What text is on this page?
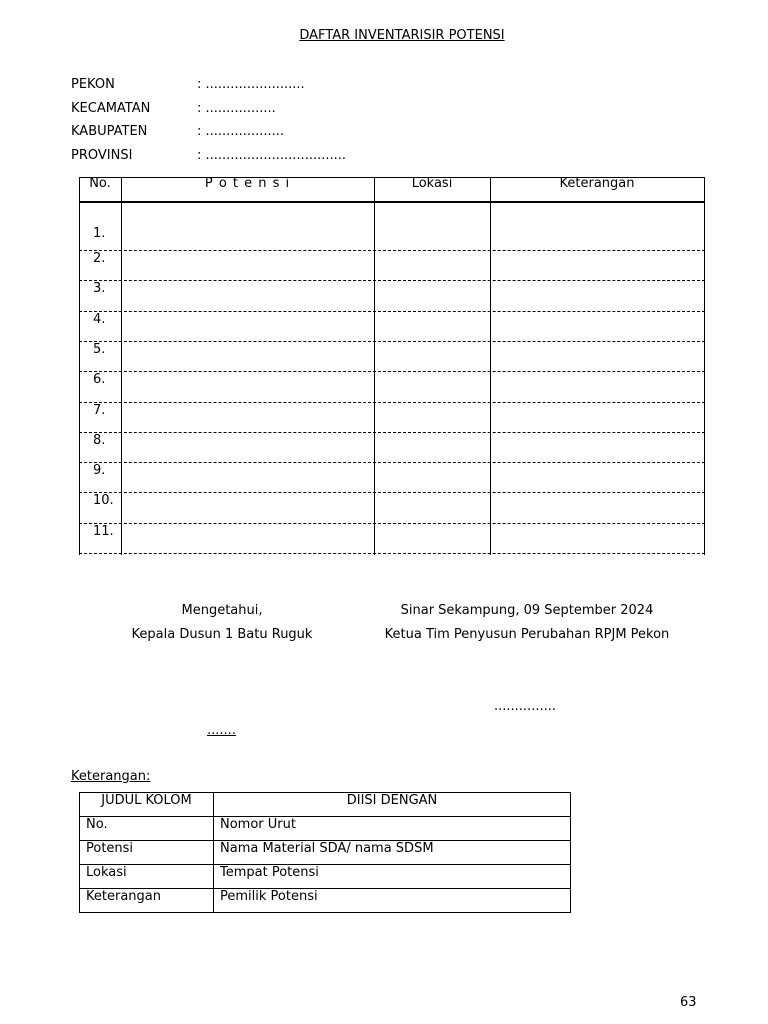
DAFTAR INVENTARISIR POTENSI
PEKON	: ........................
KECAMATAN	: .................
KABUPATEN	: ...................
PROVINSI	: ..................................
No.	P o t e n s i	Lokasi	Keterangan
1.
2.
3.
4.
5.
6.
7.
8.
9.
10.
11.
Mengetahui,
Kepala Dusun 1 Batu Ruguk
.......
Sinar Sekampung, 09 September 2024
Ketua Tim Penyusun Perubahan RPJM Pekon
...............
Keterangan:
JUDUL KOLOM	DIISI DENGAN
No.	Nomor Urut
Potensi	Nama Material SDA/ nama SDSM
Lokasi	Tempat Potensi
Keterangan	Pemilik Potensi
63
